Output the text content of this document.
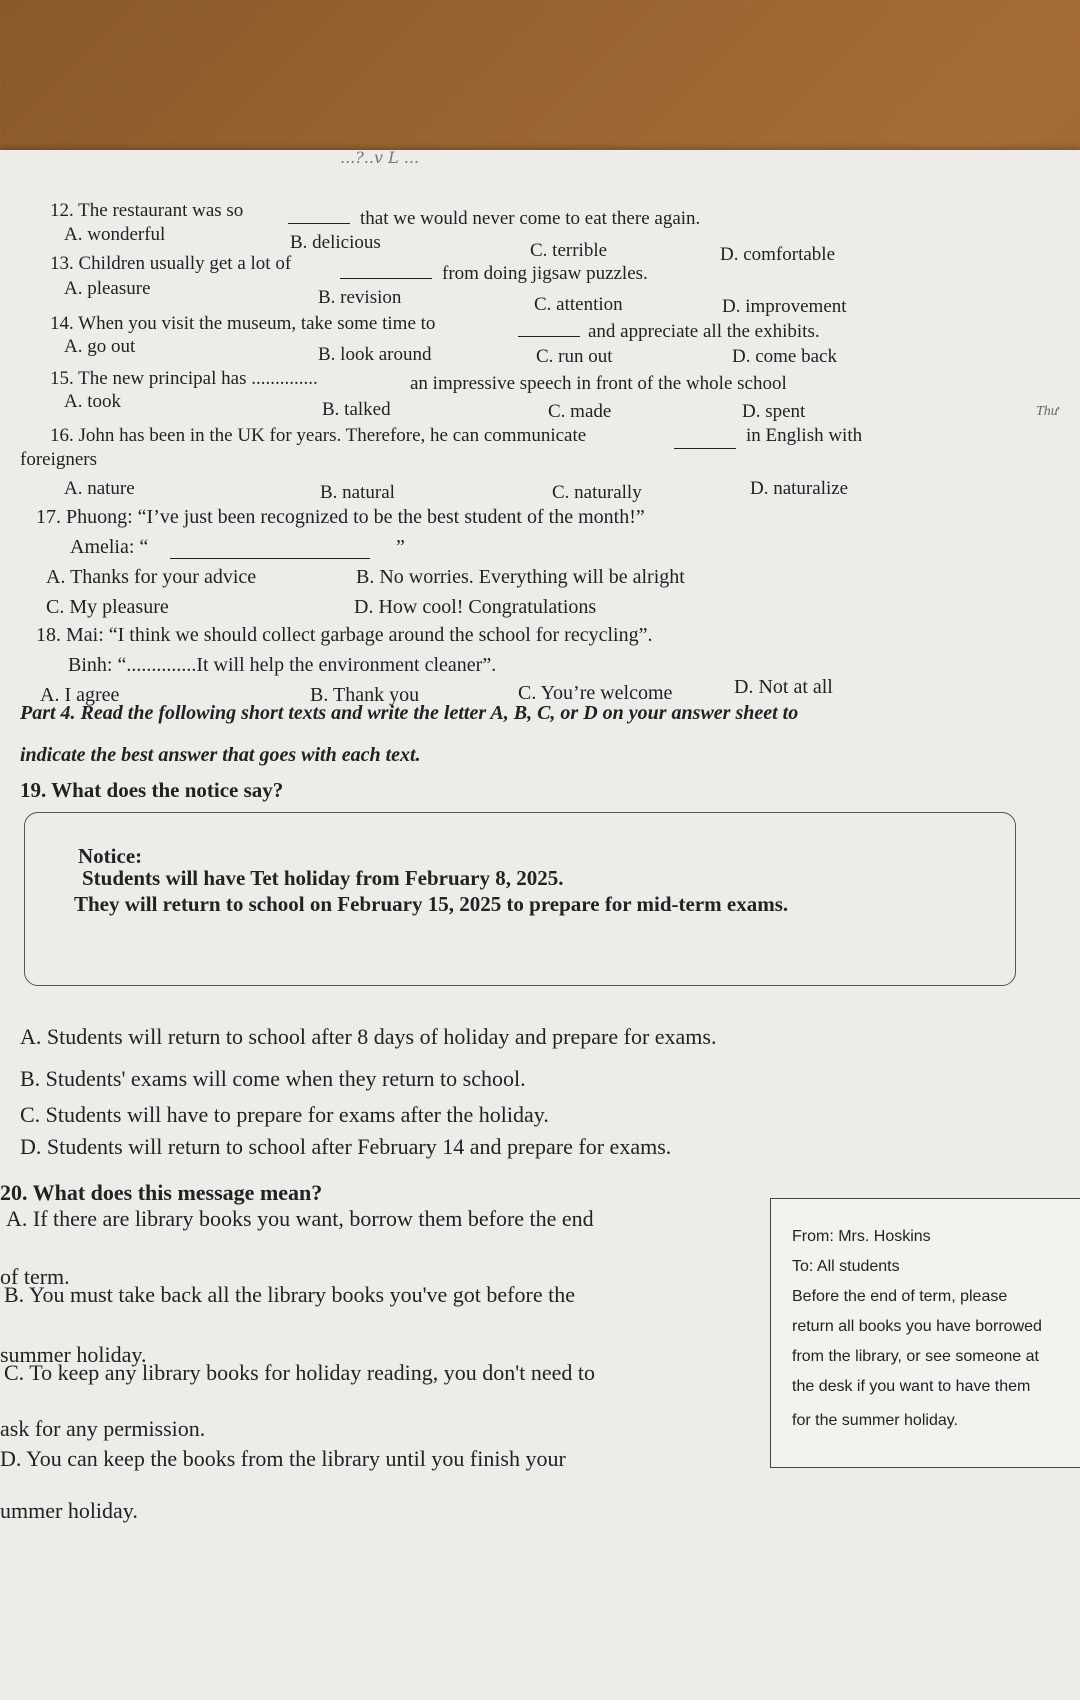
...?..v L ...
12. The restaurant was so	that we would never come to eat there again.
A. wonderful	B. delicious	C. terrible	D. comfortable
13. Children usually get a lot of	from doing jigsaw puzzles.
A. pleasure	B. revision	C. attention	D. improvement
14. When you visit the museum, take some time to	and appreciate all the exhibits.
A. go out	B. look around	C. run out	D. come back
15. The new principal has ..............	an impressive speech in front of the whole school
A. took	B. talked	C. made	D. spent	Thư
16. John has been in the UK for years. Therefore, he can communicate	in English with
foreigners
A. nature	B. natural	C. naturally	D. naturalize
17. Phuong: “I’ve just been recognized to be the best student of the month!”
Amelia: “	”
A. Thanks for your advice	B. No worries. Everything will be alright
C. My pleasure	D. How cool! Congratulations
18. Mai: “I think we should collect garbage around the school for recycling”.
Binh: “..............It will help the environment cleaner”.
A. I agree	B. Thank you	C. You’re welcome	D. Not at all
Part 4. Read the following short texts and write the letter A, B, C, or D on your answer sheet to
indicate the best answer that goes with each text.
19. What does the notice say?
Notice:
Students will have Tet holiday from February 8, 2025.
They will return to school on February 15, 2025 to prepare for mid-term exams.
A. Students will return to school after 8 days of holiday and prepare for exams.
B. Students' exams will come when they return to school.
C. Students will have to prepare for exams after the holiday.
D. Students will return to school after February 14 and prepare for exams.
20. What does this message mean?
A. If there are library books you want, borrow them before the end
of term.
B. You must take back all the library books you've got before the
summer holiday.
C. To keep any library books for holiday reading, you don't need to
ask for any permission.
D. You can keep the books from the library until you finish your
ummer holiday.
From: Mrs. Hoskins
To: All students
Before the end of term, please
return all books you have borrowed
from the library, or see someone at
the desk if you want to have them
for the summer holiday.
